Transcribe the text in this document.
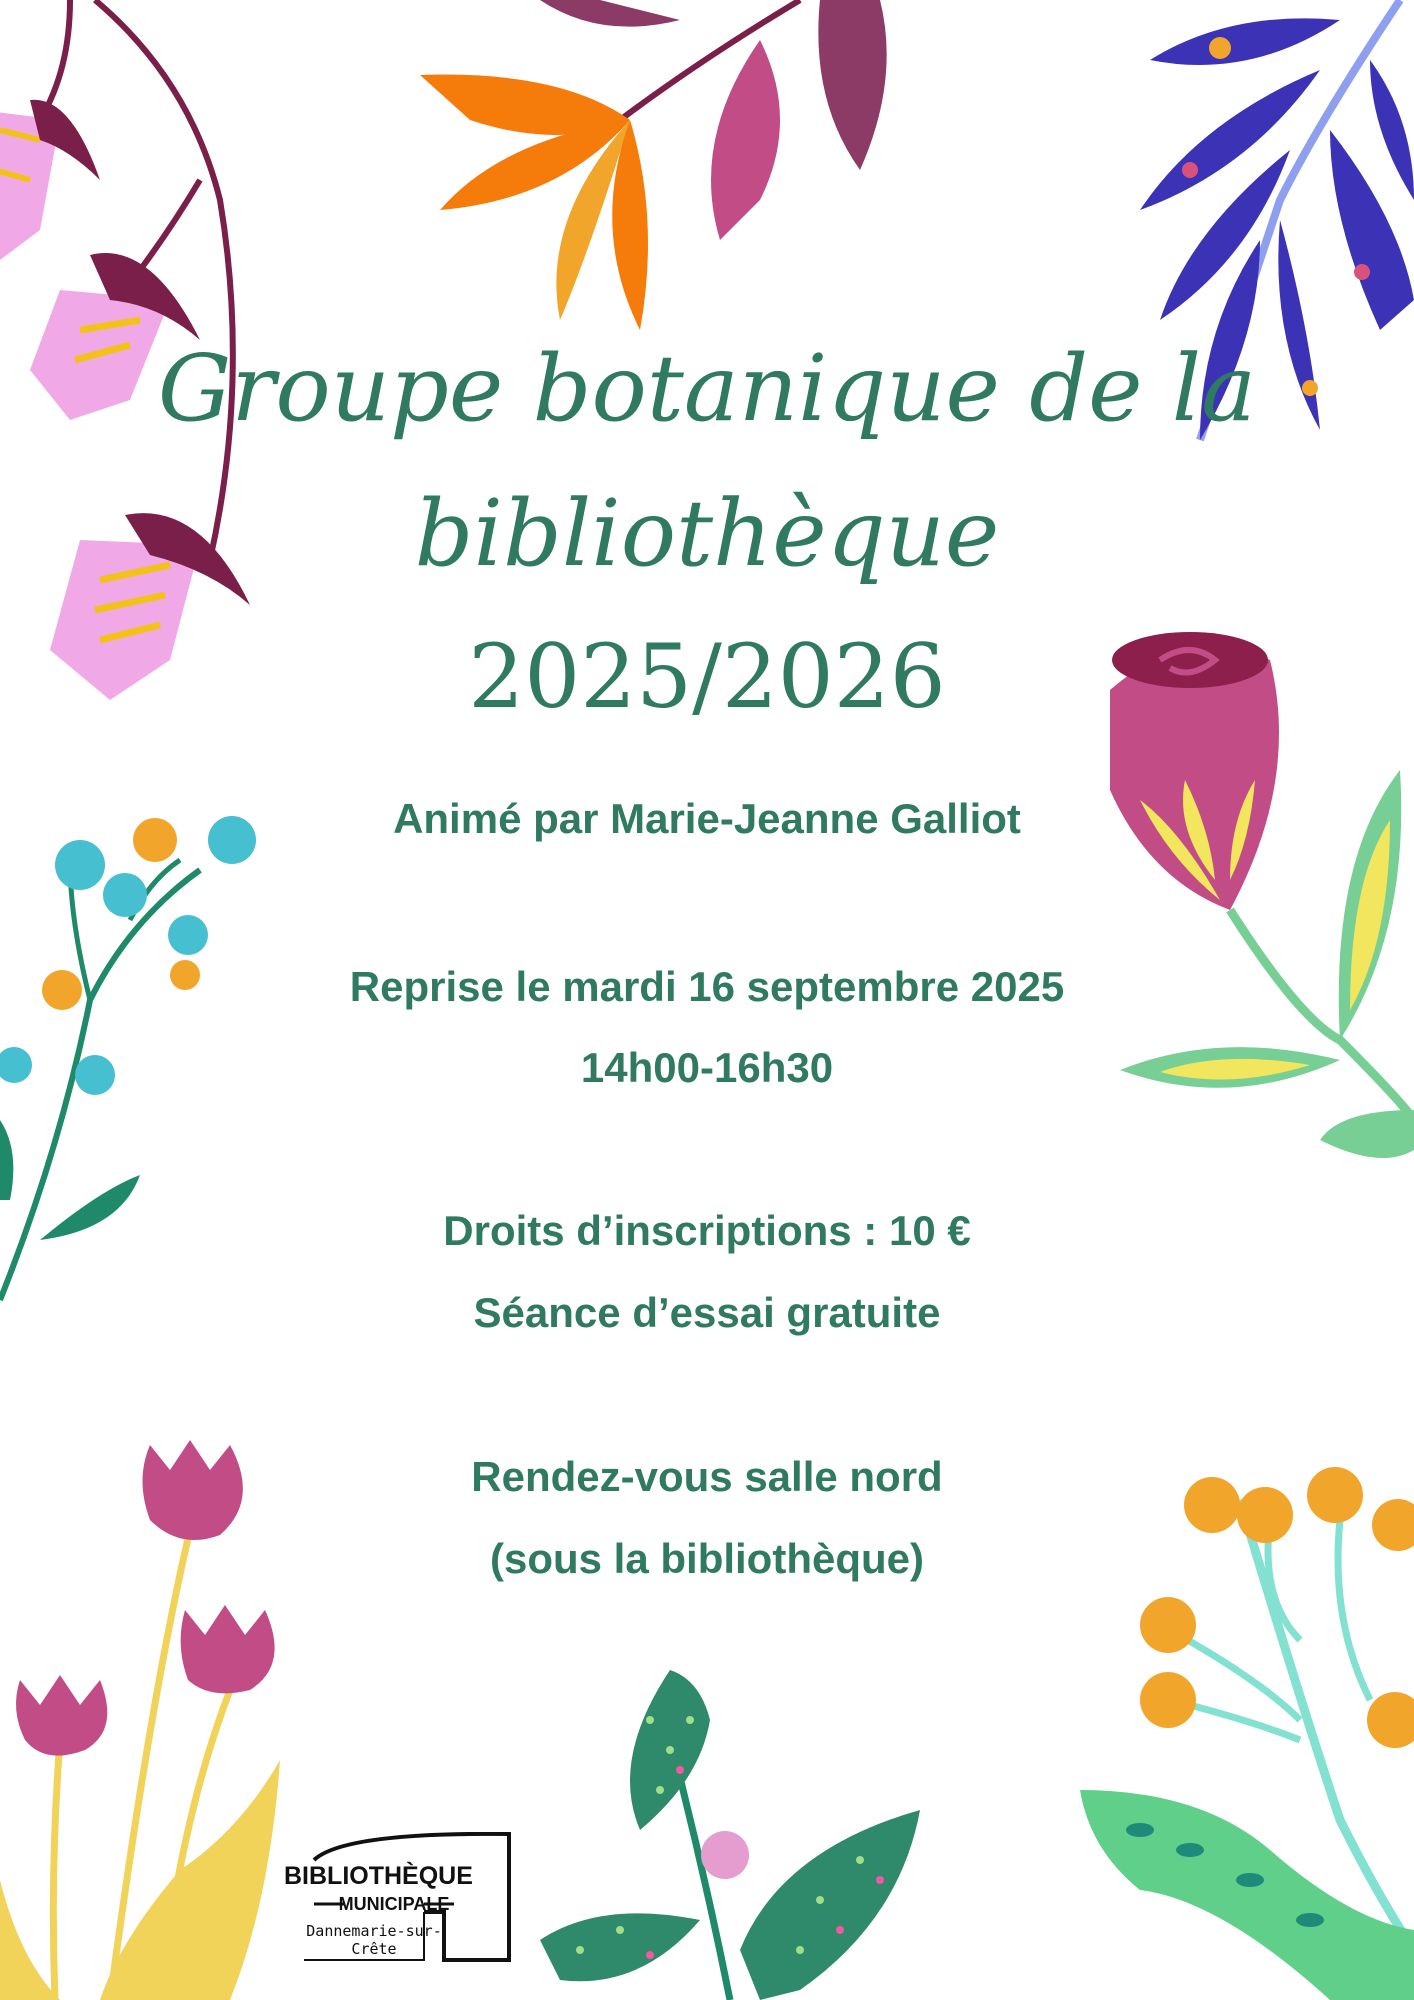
Groupe botanique de la
bibliothèque
2025/2026

Animé par Marie-Jeanne Galliot

Reprise le mardi 16 septembre 2025

14h00-16h30

Droits d’inscriptions : 10 €

Séance d’essai gratuite

Rendez-vous salle nord

(sous la bibliothèque)

BIBLIOTHÈQUE
MUNICIPALE
Dannemarie-sur-Crête
